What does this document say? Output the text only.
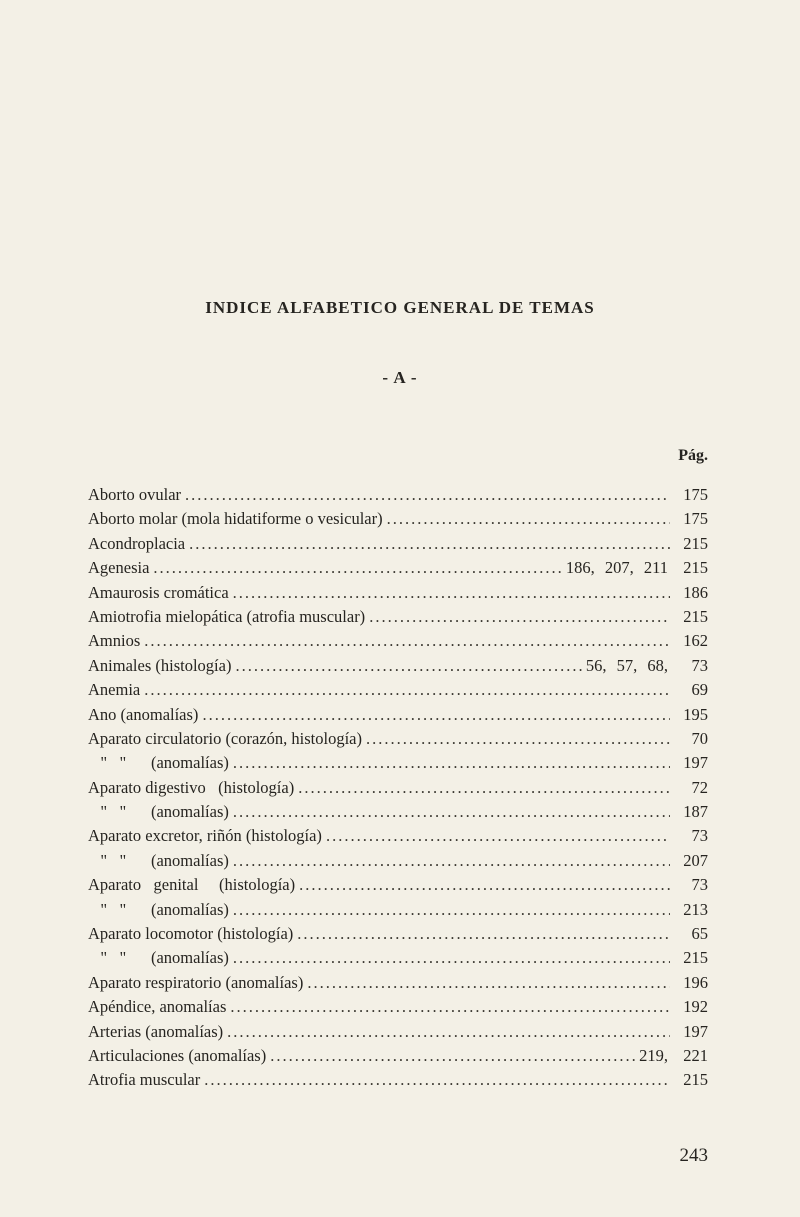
INDICE ALFABETICO GENERAL DE TEMAS
- A -
Pág.
Aborto ovular .....	175
Aborto molar (mola hidatiforme o vesicular) .....	175
Acondroplacia .....	215
Agenesia .....	186, 207, 211 215
Amaurosis cromática .....	186
Amiotrofia mielopática (atrofia muscular) .....	215
Amnios .....	162
Animales (histología) .....	56, 57, 68,	73
Anemia .....	69
Ano (anomalías) .....	195
Aparato circulatorio (corazón, histología) .....	70
"   "      (anomalías) .....	197
Aparato digestivo   (histología) .....	72
"   "      (anomalías) .....	187
Aparato excretor, riñón (histología) .....	73
"   "      (anomalías) .....	207
Aparato   genital     (histología) .....	73
"   "      (anomalías) .....	213
Aparato locomotor (histología) .....	65
"   "      (anomalías) .....	215
Aparato respiratorio (anomalías) .....	196
Apéndice, anomalías .....	192
Arterias (anomalías) .....	197
Articulaciones (anomalías) .....	219, 221
Atrofia muscular .....	215
243
